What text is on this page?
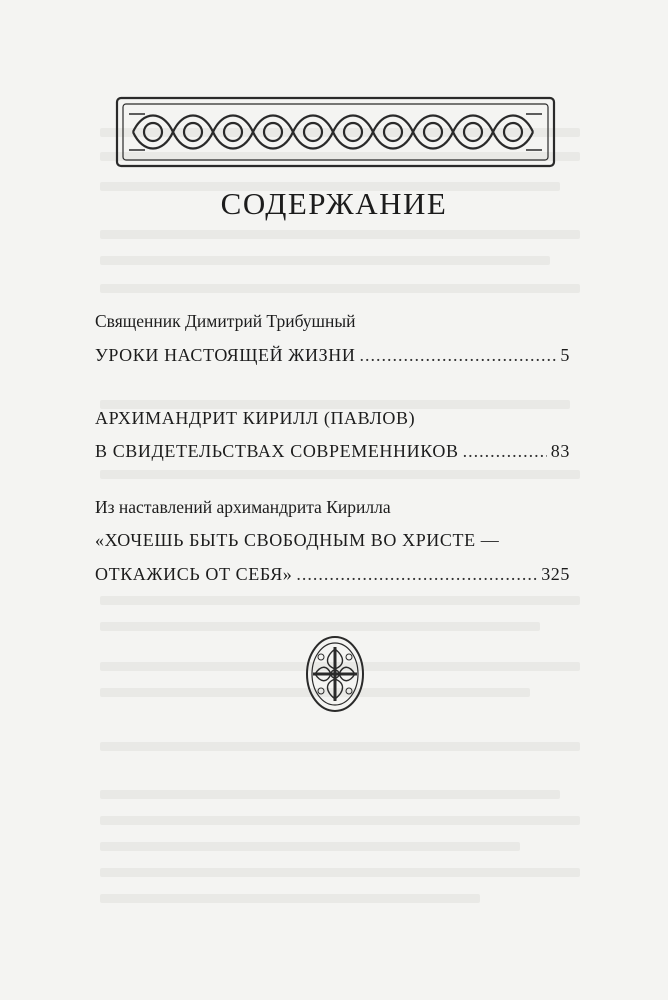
СОДЕРЖАНИЕ
Священник Димитрий Трибушный
УРОКИ НАСТОЯЩЕЙ ЖИЗНИ .....	5
АРХИМАНДРИТ КИРИЛЛ (ПАВЛОВ)
В СВИДЕТЕЛЬСТВАХ СОВРЕМЕННИКОВ .....	83
Из наставлений архимандрита Кирилла
«ХОЧЕШЬ БЫТЬ СВОБОДНЫМ ВО ХРИСТЕ —
ОТКАЖИСЬ ОТ СЕБЯ» .....	325
